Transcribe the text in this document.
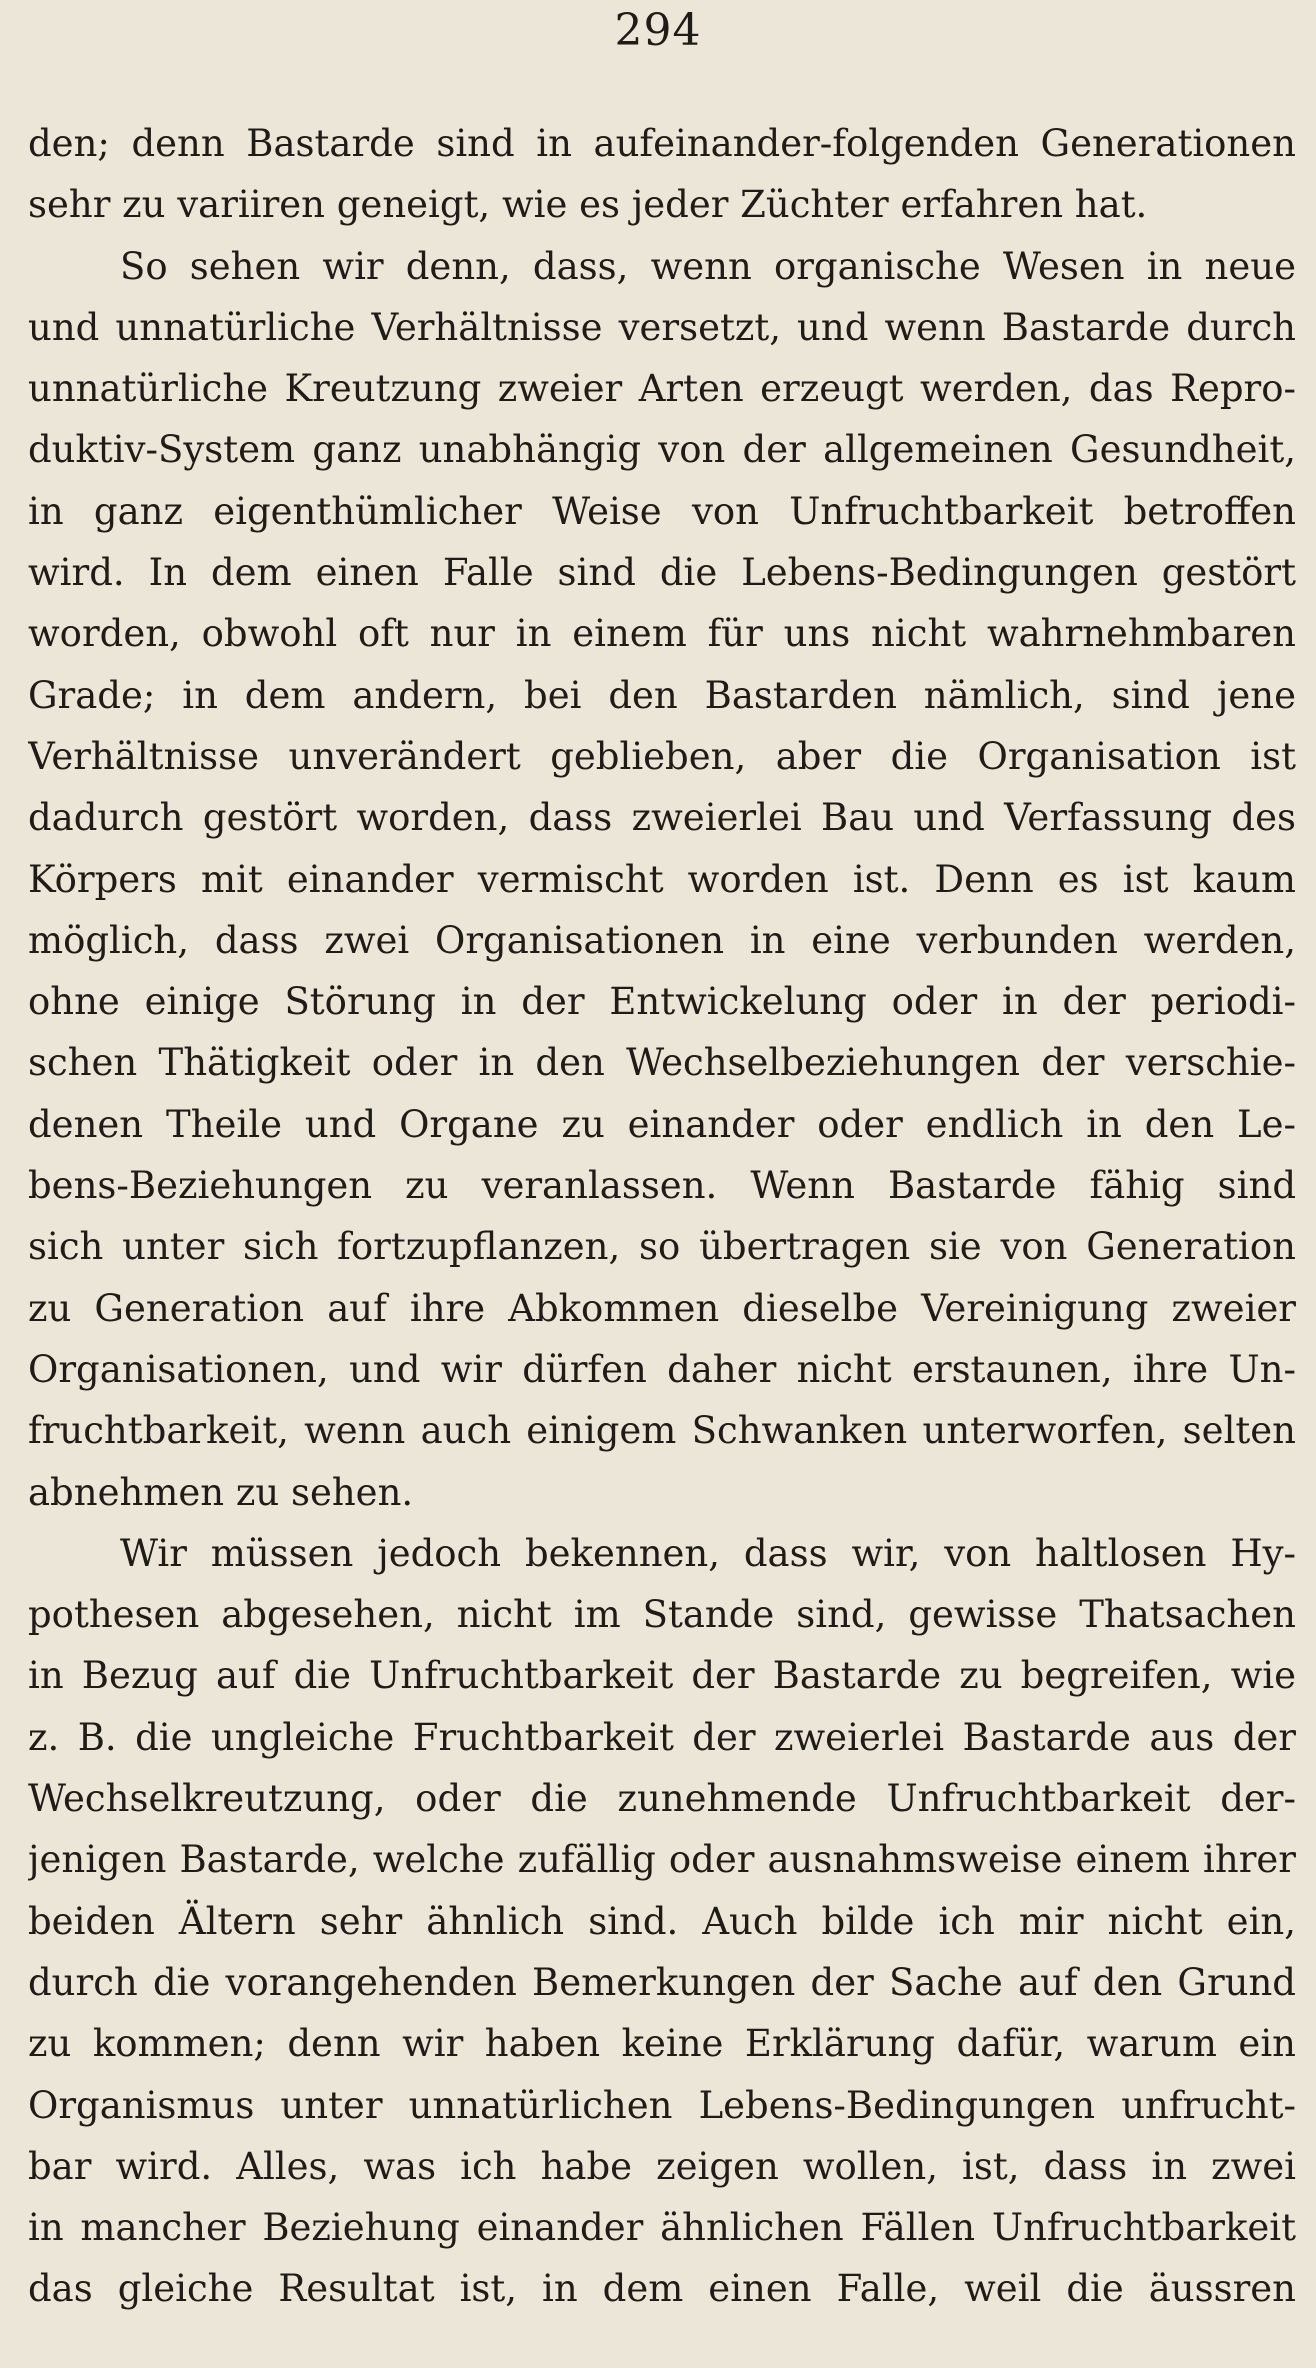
294
den; denn Bastarde sind in aufeinander-folgenden Generationen
sehr zu variiren geneigt, wie es jeder Züchter erfahren hat.
So sehen wir denn, dass, wenn organische Wesen in neue
und unnatürliche Verhältnisse versetzt, und wenn Bastarde durch
unnatürliche Kreutzung zweier Arten erzeugt werden, das Repro-
duktiv-System ganz unabhängig von der allgemeinen Gesundheit,
in ganz eigenthümlicher Weise von Unfruchtbarkeit betroffen
wird. In dem einen Falle sind die Lebens-Bedingungen gestört
worden, obwohl oft nur in einem für uns nicht wahrnehmbaren
Grade; in dem andern, bei den Bastarden nämlich, sind jene
Verhältnisse unverändert geblieben, aber die Organisation ist
dadurch gestört worden, dass zweierlei Bau und Verfassung des
Körpers mit einander vermischt worden ist. Denn es ist kaum
möglich, dass zwei Organisationen in eine verbunden werden,
ohne einige Störung in der Entwickelung oder in der periodi-
schen Thätigkeit oder in den Wechselbeziehungen der verschie-
denen Theile und Organe zu einander oder endlich in den Le-
bens-Beziehungen zu veranlassen. Wenn Bastarde fähig sind
sich unter sich fortzupflanzen, so übertragen sie von Generation
zu Generation auf ihre Abkommen dieselbe Vereinigung zweier
Organisationen, und wir dürfen daher nicht erstaunen, ihre Un-
fruchtbarkeit, wenn auch einigem Schwanken unterworfen, selten
abnehmen zu sehen.
Wir müssen jedoch bekennen, dass wir, von haltlosen Hy-
pothesen abgesehen, nicht im Stande sind, gewisse Thatsachen
in Bezug auf die Unfruchtbarkeit der Bastarde zu begreifen, wie
z. B. die ungleiche Fruchtbarkeit der zweierlei Bastarde aus der
Wechselkreutzung, oder die zunehmende Unfruchtbarkeit der-
jenigen Bastarde, welche zufällig oder ausnahmsweise einem ihrer
beiden Ältern sehr ähnlich sind. Auch bilde ich mir nicht ein,
durch die vorangehenden Bemerkungen der Sache auf den Grund
zu kommen; denn wir haben keine Erklärung dafür, warum ein
Organismus unter unnatürlichen Lebens-Bedingungen unfrucht-
bar wird. Alles, was ich habe zeigen wollen, ist, dass in zwei
in mancher Beziehung einander ähnlichen Fällen Unfruchtbarkeit
das gleiche Resultat ist, in dem einen Falle, weil die äussren
